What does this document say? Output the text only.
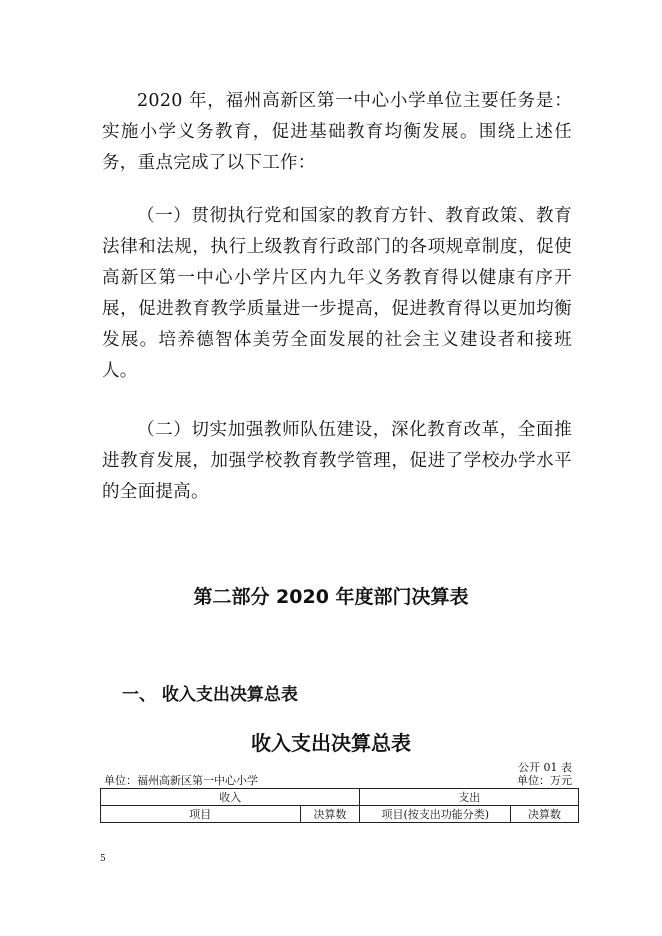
2020 年，福州高新区第一中心小学单位主要任务是：实施小学义务教育，促进基础教育均衡发展。围绕上述任务，重点完成了以下工作：

（一）贯彻执行党和国家的教育方针、教育政策、教育法律和法规，执行上级教育行政部门的各项规章制度，促使高新区第一中心小学片区内九年义务教育得以健康有序开展，促进教育教学质量进一步提高，促进教育得以更加均衡发展。培养德智体美劳全面发展的社会主义建设者和接班人。

（二）切实加强教师队伍建设，深化教育改革，全面推进教育发展，加强学校教育教学管理，促进了学校办学水平的全面提高。

第二部分 2020 年度部门决算表
一、 收入支出决算总表
收入支出决算总表
公开 01 表
单位：福州高新区第一中心小学	单位：万元
收入		支出	
项目	决算数	项目(按支出功能分类)	决算数
5
